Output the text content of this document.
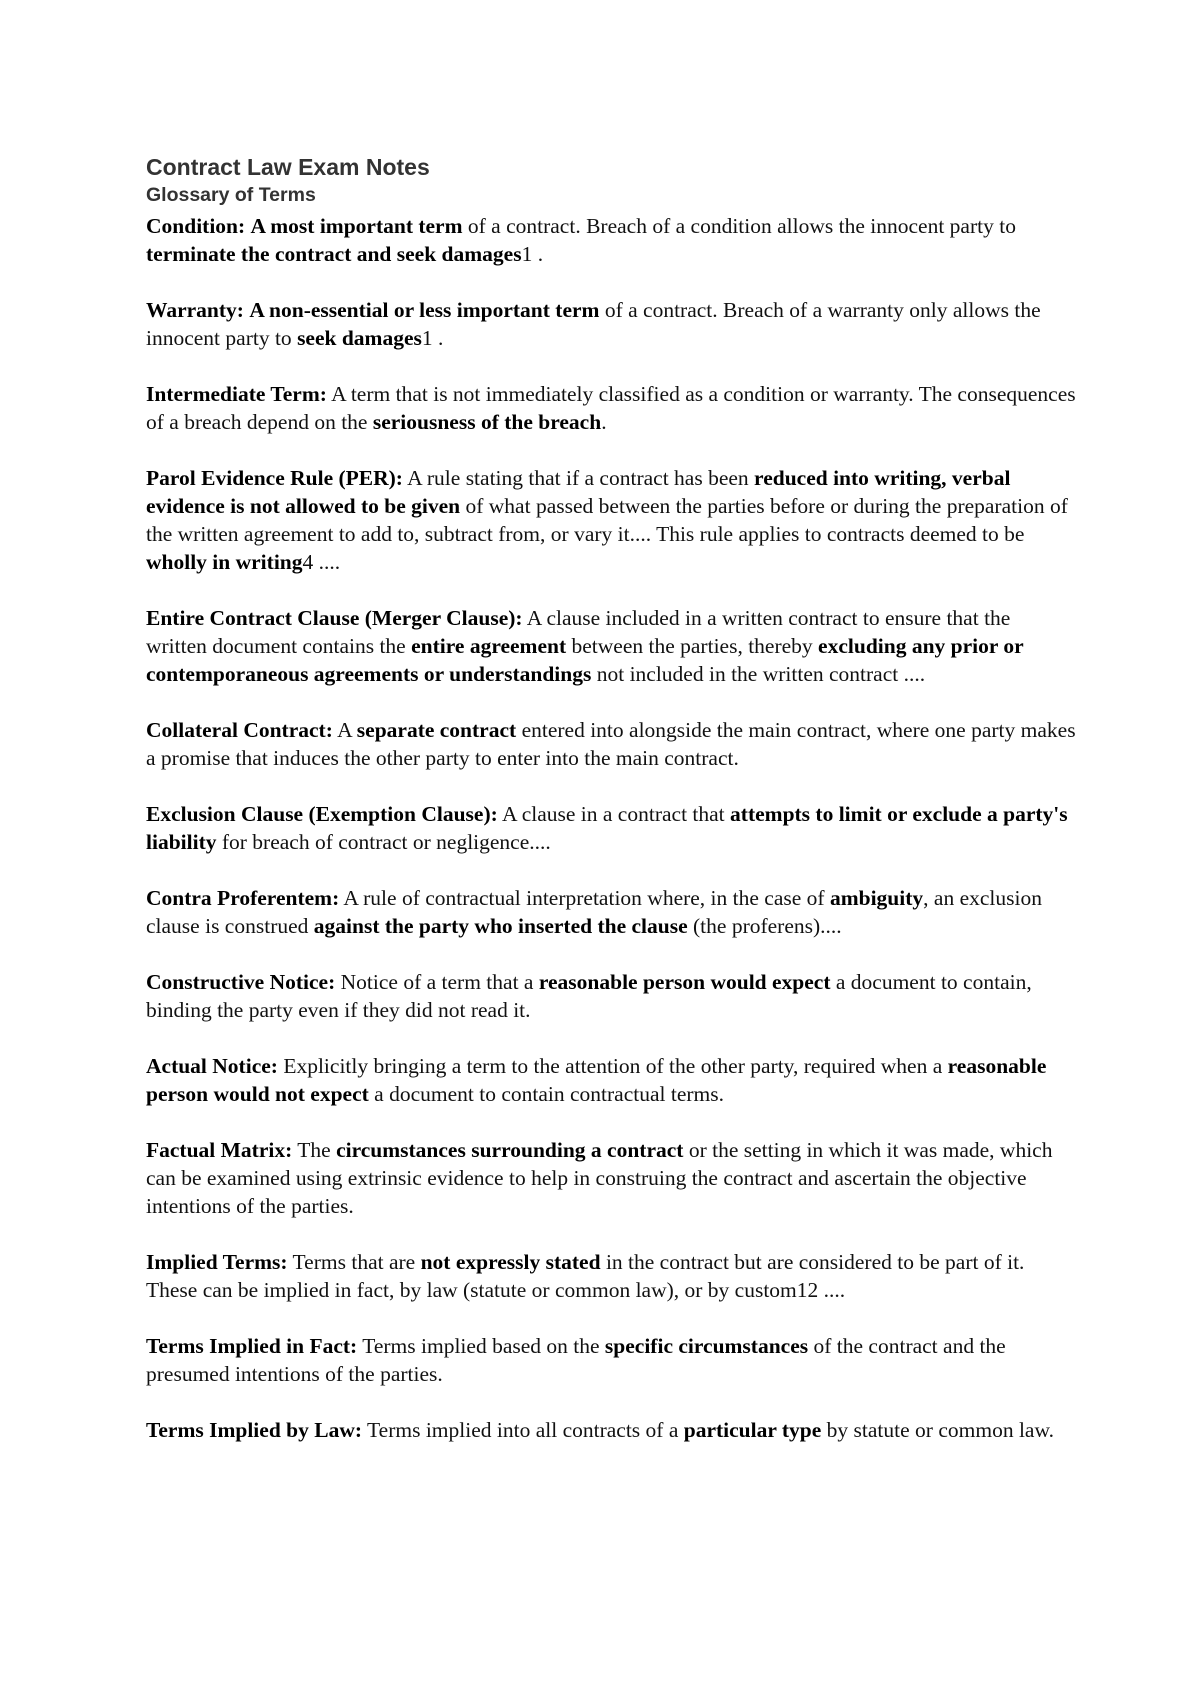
Contract Law Exam Notes
Glossary of Terms

Condition: A most important term of a contract. Breach of a condition allows the innocent party to terminate the contract and seek damages1 .

Warranty: A non-essential or less important term of a contract. Breach of a warranty only allows the innocent party to seek damages1 .

Intermediate Term: A term that is not immediately classified as a condition or warranty. The consequences of a breach depend on the seriousness of the breach.

Parol Evidence Rule (PER): A rule stating that if a contract has been reduced into writing, verbal evidence is not allowed to be given of what passed between the parties before or during the preparation of the written agreement to add to, subtract from, or vary it.... This rule applies to contracts deemed to be wholly in writing4 ....

Entire Contract Clause (Merger Clause): A clause included in a written contract to ensure that the written document contains the entire agreement between the parties, thereby excluding any prior or contemporaneous agreements or understandings not included in the written contract ....

Collateral Contract: A separate contract entered into alongside the main contract, where one party makes a promise that induces the other party to enter into the main contract.

Exclusion Clause (Exemption Clause): A clause in a contract that attempts to limit or exclude a party's liability for breach of contract or negligence....

Contra Proferentem: A rule of contractual interpretation where, in the case of ambiguity, an exclusion clause is construed against the party who inserted the clause (the proferens)....

Constructive Notice: Notice of a term that a reasonable person would expect a document to contain, binding the party even if they did not read it.

Actual Notice: Explicitly bringing a term to the attention of the other party, required when a reasonable person would not expect a document to contain contractual terms.

Factual Matrix: The circumstances surrounding a contract or the setting in which it was made, which can be examined using extrinsic evidence to help in construing the contract and ascertain the objective intentions of the parties.

Implied Terms: Terms that are not expressly stated in the contract but are considered to be part of it. These can be implied in fact, by law (statute or common law), or by custom12 ....

Terms Implied in Fact: Terms implied based on the specific circumstances of the contract and the presumed intentions of the parties.

Terms Implied by Law: Terms implied into all contracts of a particular type by statute or common law.
